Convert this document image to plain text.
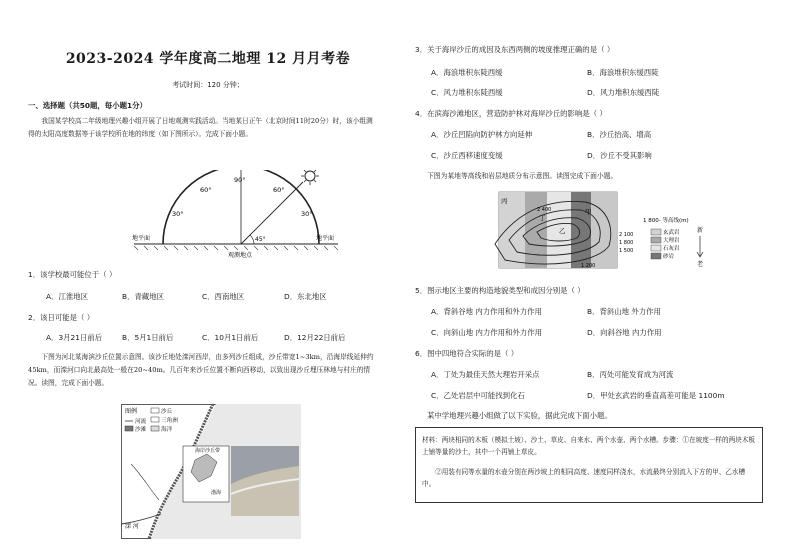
2023-2024 学年度高二地理 12 月月考卷
考试时间：120 分钟；
一、选择题（共50题，每小题1分）
我国某学校高二年级地理兴趣小组开展了日地观测实践活动。当地某日正午（北京时间11时20分）时，该小组测得的太阳高度数据等于该学校所在地的纬度（如下图所示）。完成下面小题。
90°
60°	60°
30°	30°
45°
地平面	地平面
观测地点
1．该学校最可能位于（ ）
A．江淮地区	B．青藏地区	C．西南地区	D．东北地区
2．该日可能是（ ）
A．3月21日前后	B．5月1日前后	C．10月1日前后	D．12月22日前后
下图为河北某海滨沙丘位置示意图。该沙丘地处滦河西岸，由多列沙丘组成，沙丘带宽1~3km，沿海岸线延伸约45km，而滦河口向北最高处一般在20~40m。几百年来沙丘位置不断向西移动，以致出现沙丘埋压林地与村庄的情况。读图，完成下面小题。
图例	沙丘
河流	三角洲
沙滩	海洋
滦 河
海岸沙丘带
渤海
3．关于海岸沙丘的成因及东西两侧的坡度推理正确的是（ ）
A．海浪堆积东陡西缓	B．海浪堆积东缓西陡
C．风力堆积东陡西缓	D．风力堆积东缓西陡
4．在滨海沙滩地区，营造防护林对海岸沙丘的影响是（ ）
A．沙丘凹陷向防护林方向延伸	B．沙丘抬高、增高
C．沙丘西移速度变缓	D．沙丘不受其影响
下图为某地等高线和岩层地质分布示意图。读图完成下面小题。
丙
丁
乙
甲
2 400
2 100
1 800
1 500
1 200
1 800- 等高线(m)
玄武岩
大理岩
石灰岩
砂岩
新
老
5．图示地区主要的构造地貌类型和成因分别是（ ）
A．背斜谷地 内力作用和外力作用	B．背斜山地 外力作用
C．向斜山地 内力作用和外力作用	D．向斜谷地 内力作用
6．图中四地符合实际的是（ ）
A．丁处为最佳天然大理岩开采点	B．丙处可能发育成为河流
C．乙处岩层中可能找到化石	D．甲处玄武岩的垂直高差可能是 1100m
某中学地理兴趣小组做了以下实验，据此完成下面小题。
材料：两块相同的木板（模拟土坡）、沙土、草皮、自来水、两个水壶、两个水槽。步骤：①在坡度一样的两块木板上铺等量的沙土，其中一个再铺上草皮。
②用装有同等水量的水壶分别在两沙坡上的相同高度、速度同样浇水，水流最终分别流入下方的甲、乙水槽中。
